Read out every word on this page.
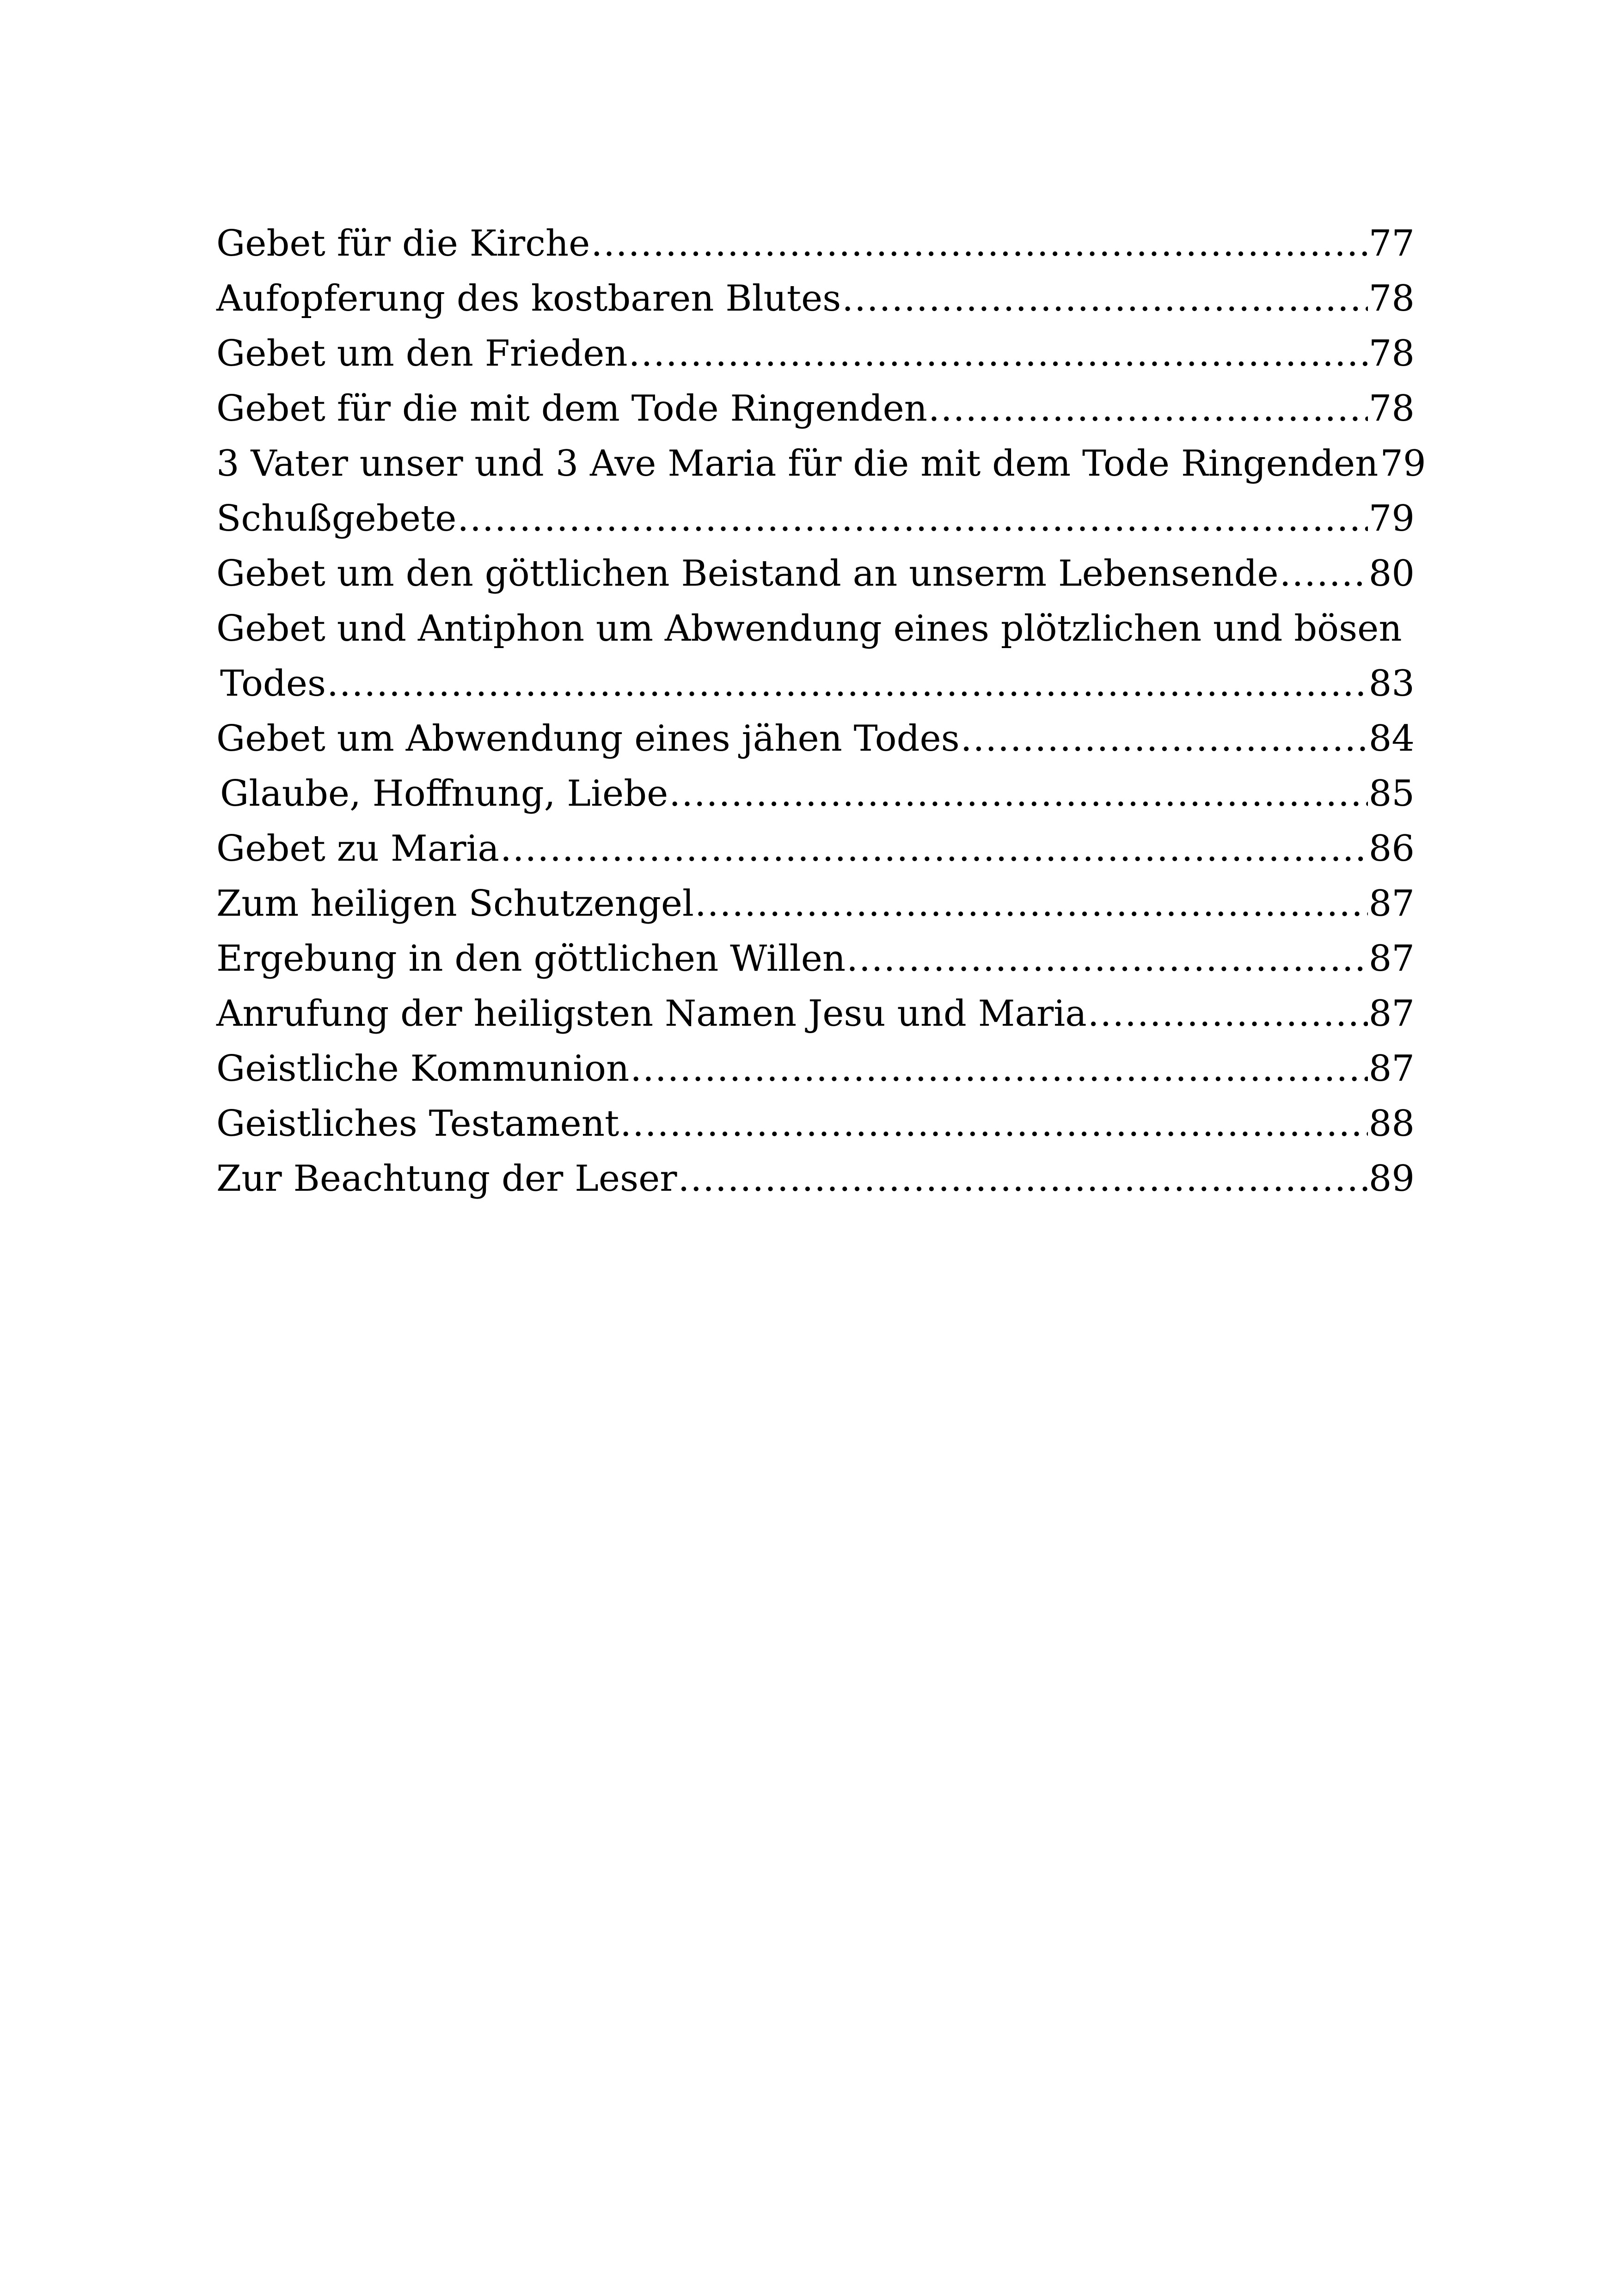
Gebet für die Kirche .....	77
Aufopferung des kostbaren Blutes .....	78
Gebet um den Frieden .....	78
Gebet für die mit dem Tode Ringenden .....	78
3 Vater unser und 3 Ave Maria für die mit dem Tode Ringenden 79
Schußgebete .....	79
Gebet um den göttlichen Beistand an unserm Lebensende .....	80
Gebet und Antiphon um Abwendung eines plötzlichen und bösen
Todes .....	83
Gebet um Abwendung eines jähen Todes .....	84
Glaube, Hoffnung, Liebe .....	85
Gebet zu Maria .....	86
Zum heiligen Schutzengel .....	87
Ergebung in den göttlichen Willen .....	87
Anrufung der heiligsten Namen Jesu und Maria .....	87
Geistliche Kommunion .....	87
Geistliches Testament .....	88
Zur Beachtung der Leser .....	89
